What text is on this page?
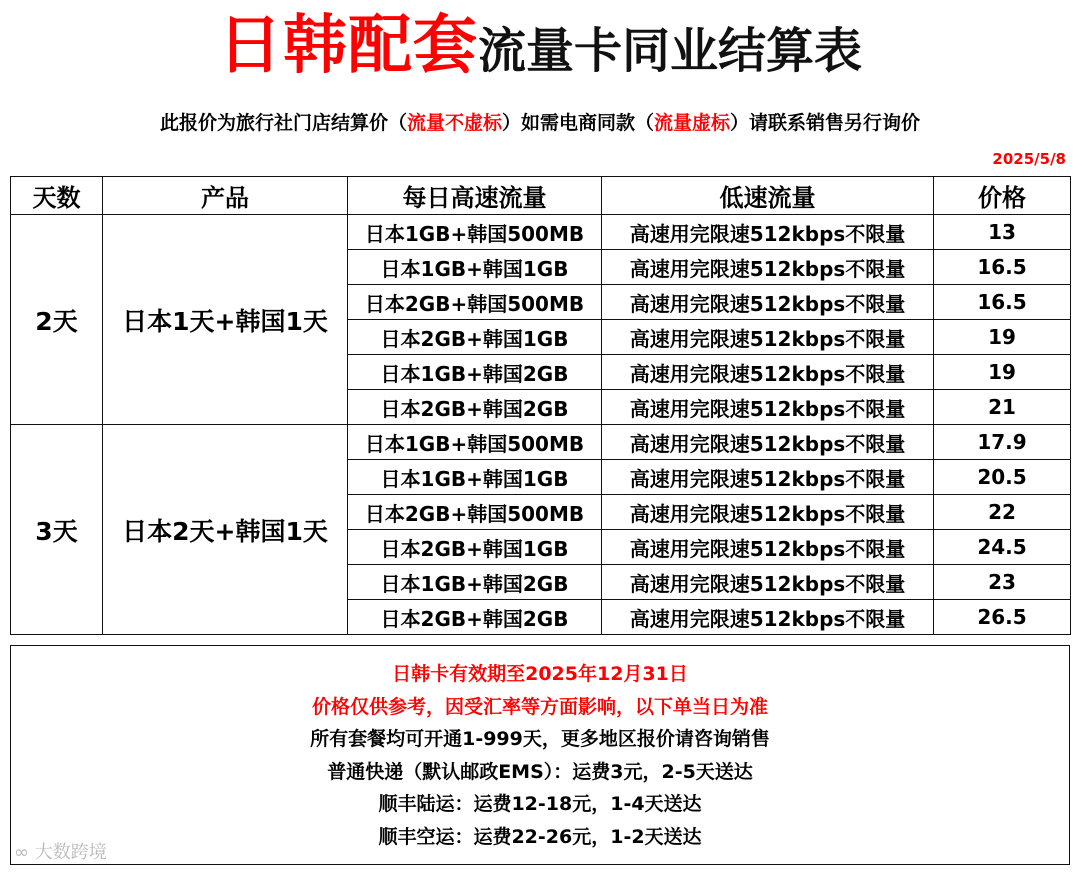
日韩配套流量卡同业结算表
此报价为旅行社门店结算价（流量不虚标）如需电商同款（流量虚标）请联系销售另行询价
2025/5/8
天数	产品	每日高速流量	低速流量	价格
2天	日本1天+韩国1天	日本1GB+韩国500MB	高速用完限速512kbps不限量	13
		日本1GB+韩国1GB	高速用完限速512kbps不限量	16.5
		日本2GB+韩国500MB	高速用完限速512kbps不限量	16.5
		日本2GB+韩国1GB	高速用完限速512kbps不限量	19
		日本1GB+韩国2GB	高速用完限速512kbps不限量	19
		日本2GB+韩国2GB	高速用完限速512kbps不限量	21
3天	日本2天+韩国1天	日本1GB+韩国500MB	高速用完限速512kbps不限量	17.9
		日本1GB+韩国1GB	高速用完限速512kbps不限量	20.5
		日本2GB+韩国500MB	高速用完限速512kbps不限量	22
		日本2GB+韩国1GB	高速用完限速512kbps不限量	24.5
		日本1GB+韩国2GB	高速用完限速512kbps不限量	23
		日本2GB+韩国2GB	高速用完限速512kbps不限量	26.5
日韩卡有效期至2025年12月31日
价格仅供参考，因受汇率等方面影响，以下单当日为准
所有套餐均可开通1-999天，更多地区报价请咨询销售
普通快递（默认邮政EMS）：运费3元，2-5天送达
顺丰陆运：运费12-18元，1-4天送达
顺丰空运：运费22-26元，1-2天送达
∞ 大数跨境
